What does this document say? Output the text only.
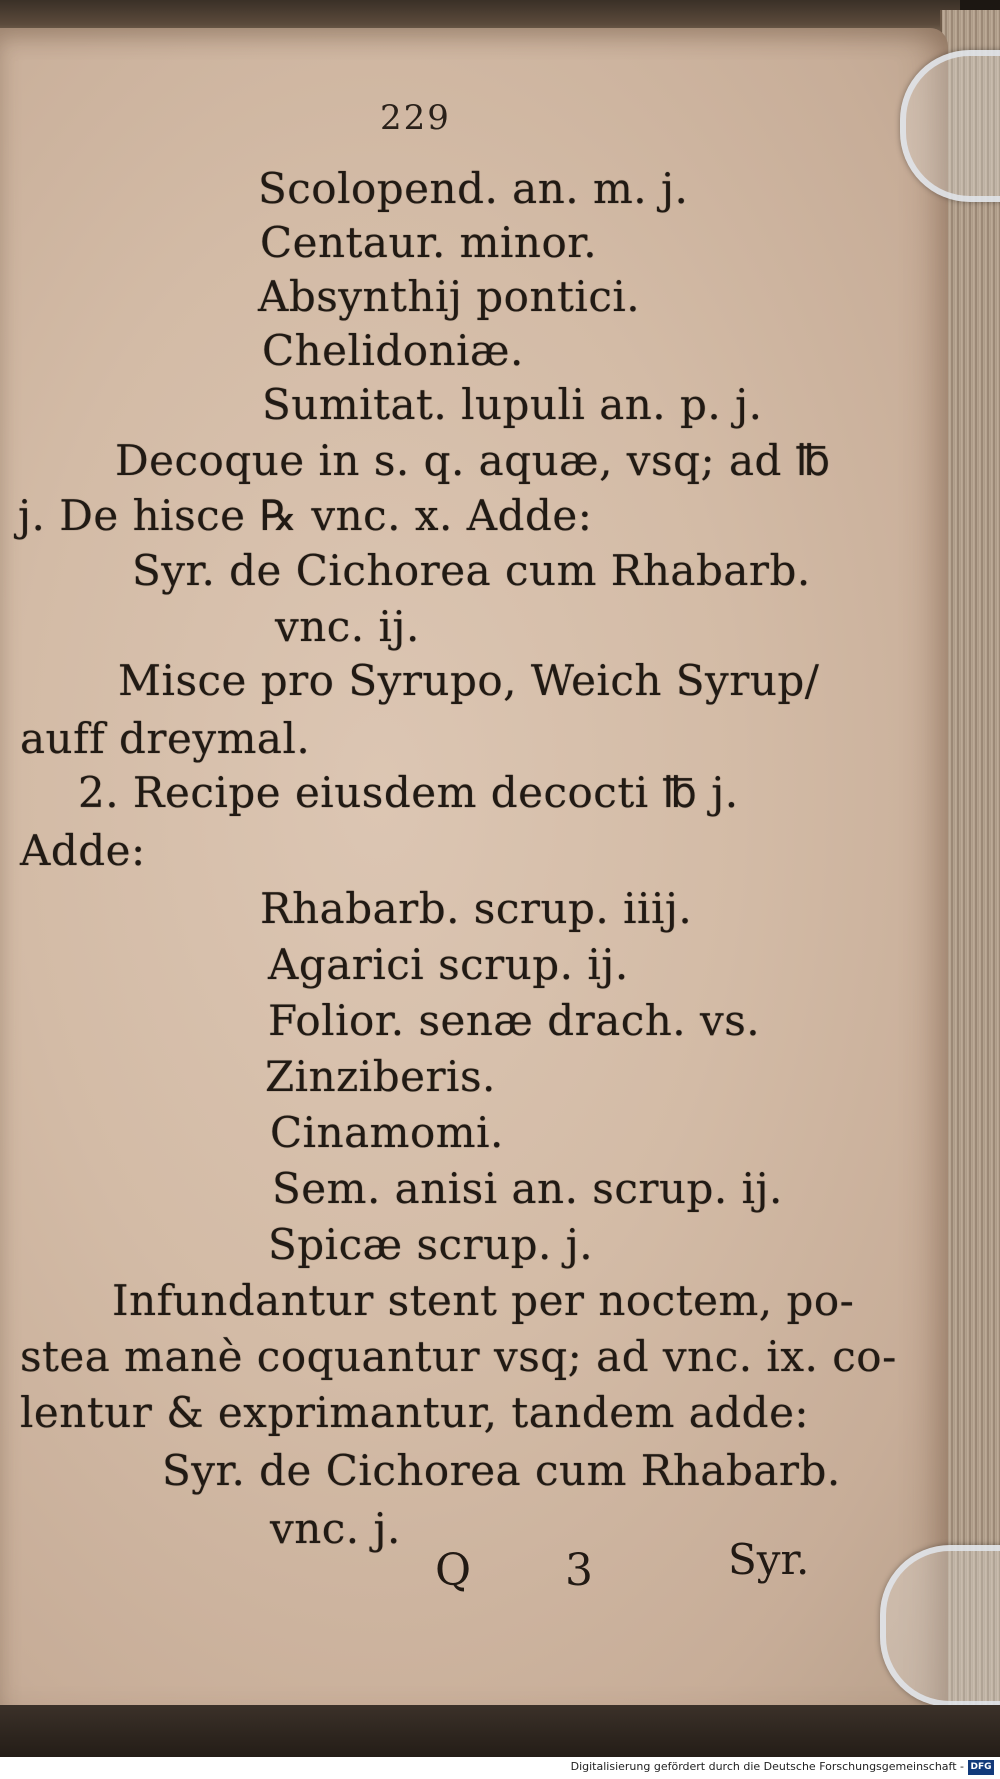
229
Scolopend. an. m. j.
Centaur. minor.
Absynthij pontici.
Chelidoniæ.
Sumitat. lupuli an. p. j.
Decoque in s. q. aquæ, vsq; ad ℔
j. De hisce ℞ vnc. x. Adde:
Syr. de Cichorea cum Rhabarb.
vnc. ij.
Misce pro Syrupo, Weich Syrup/
auff dreymal.
2. Recipe eiusdem decocti ℔ j.
Adde:
Rhabarb. scrup. iiij.
Agarici scrup. ij.
Folior. senæ drach. vs.
Zinziberis.
Cinamomi.
Sem. anisi an. scrup. ij.
Spicæ scrup. j.
Infundantur stent per noctem, po-
stea manè coquantur vsq; ad vnc. ix. co-
lentur & exprimantur, tandem adde:
Syr. de Cichorea cum Rhabarb.
vnc. j.
Q 3 Syr.
Digitalisierung gefördert durch die Deutsche Forschungsgemeinschaft - DFG
